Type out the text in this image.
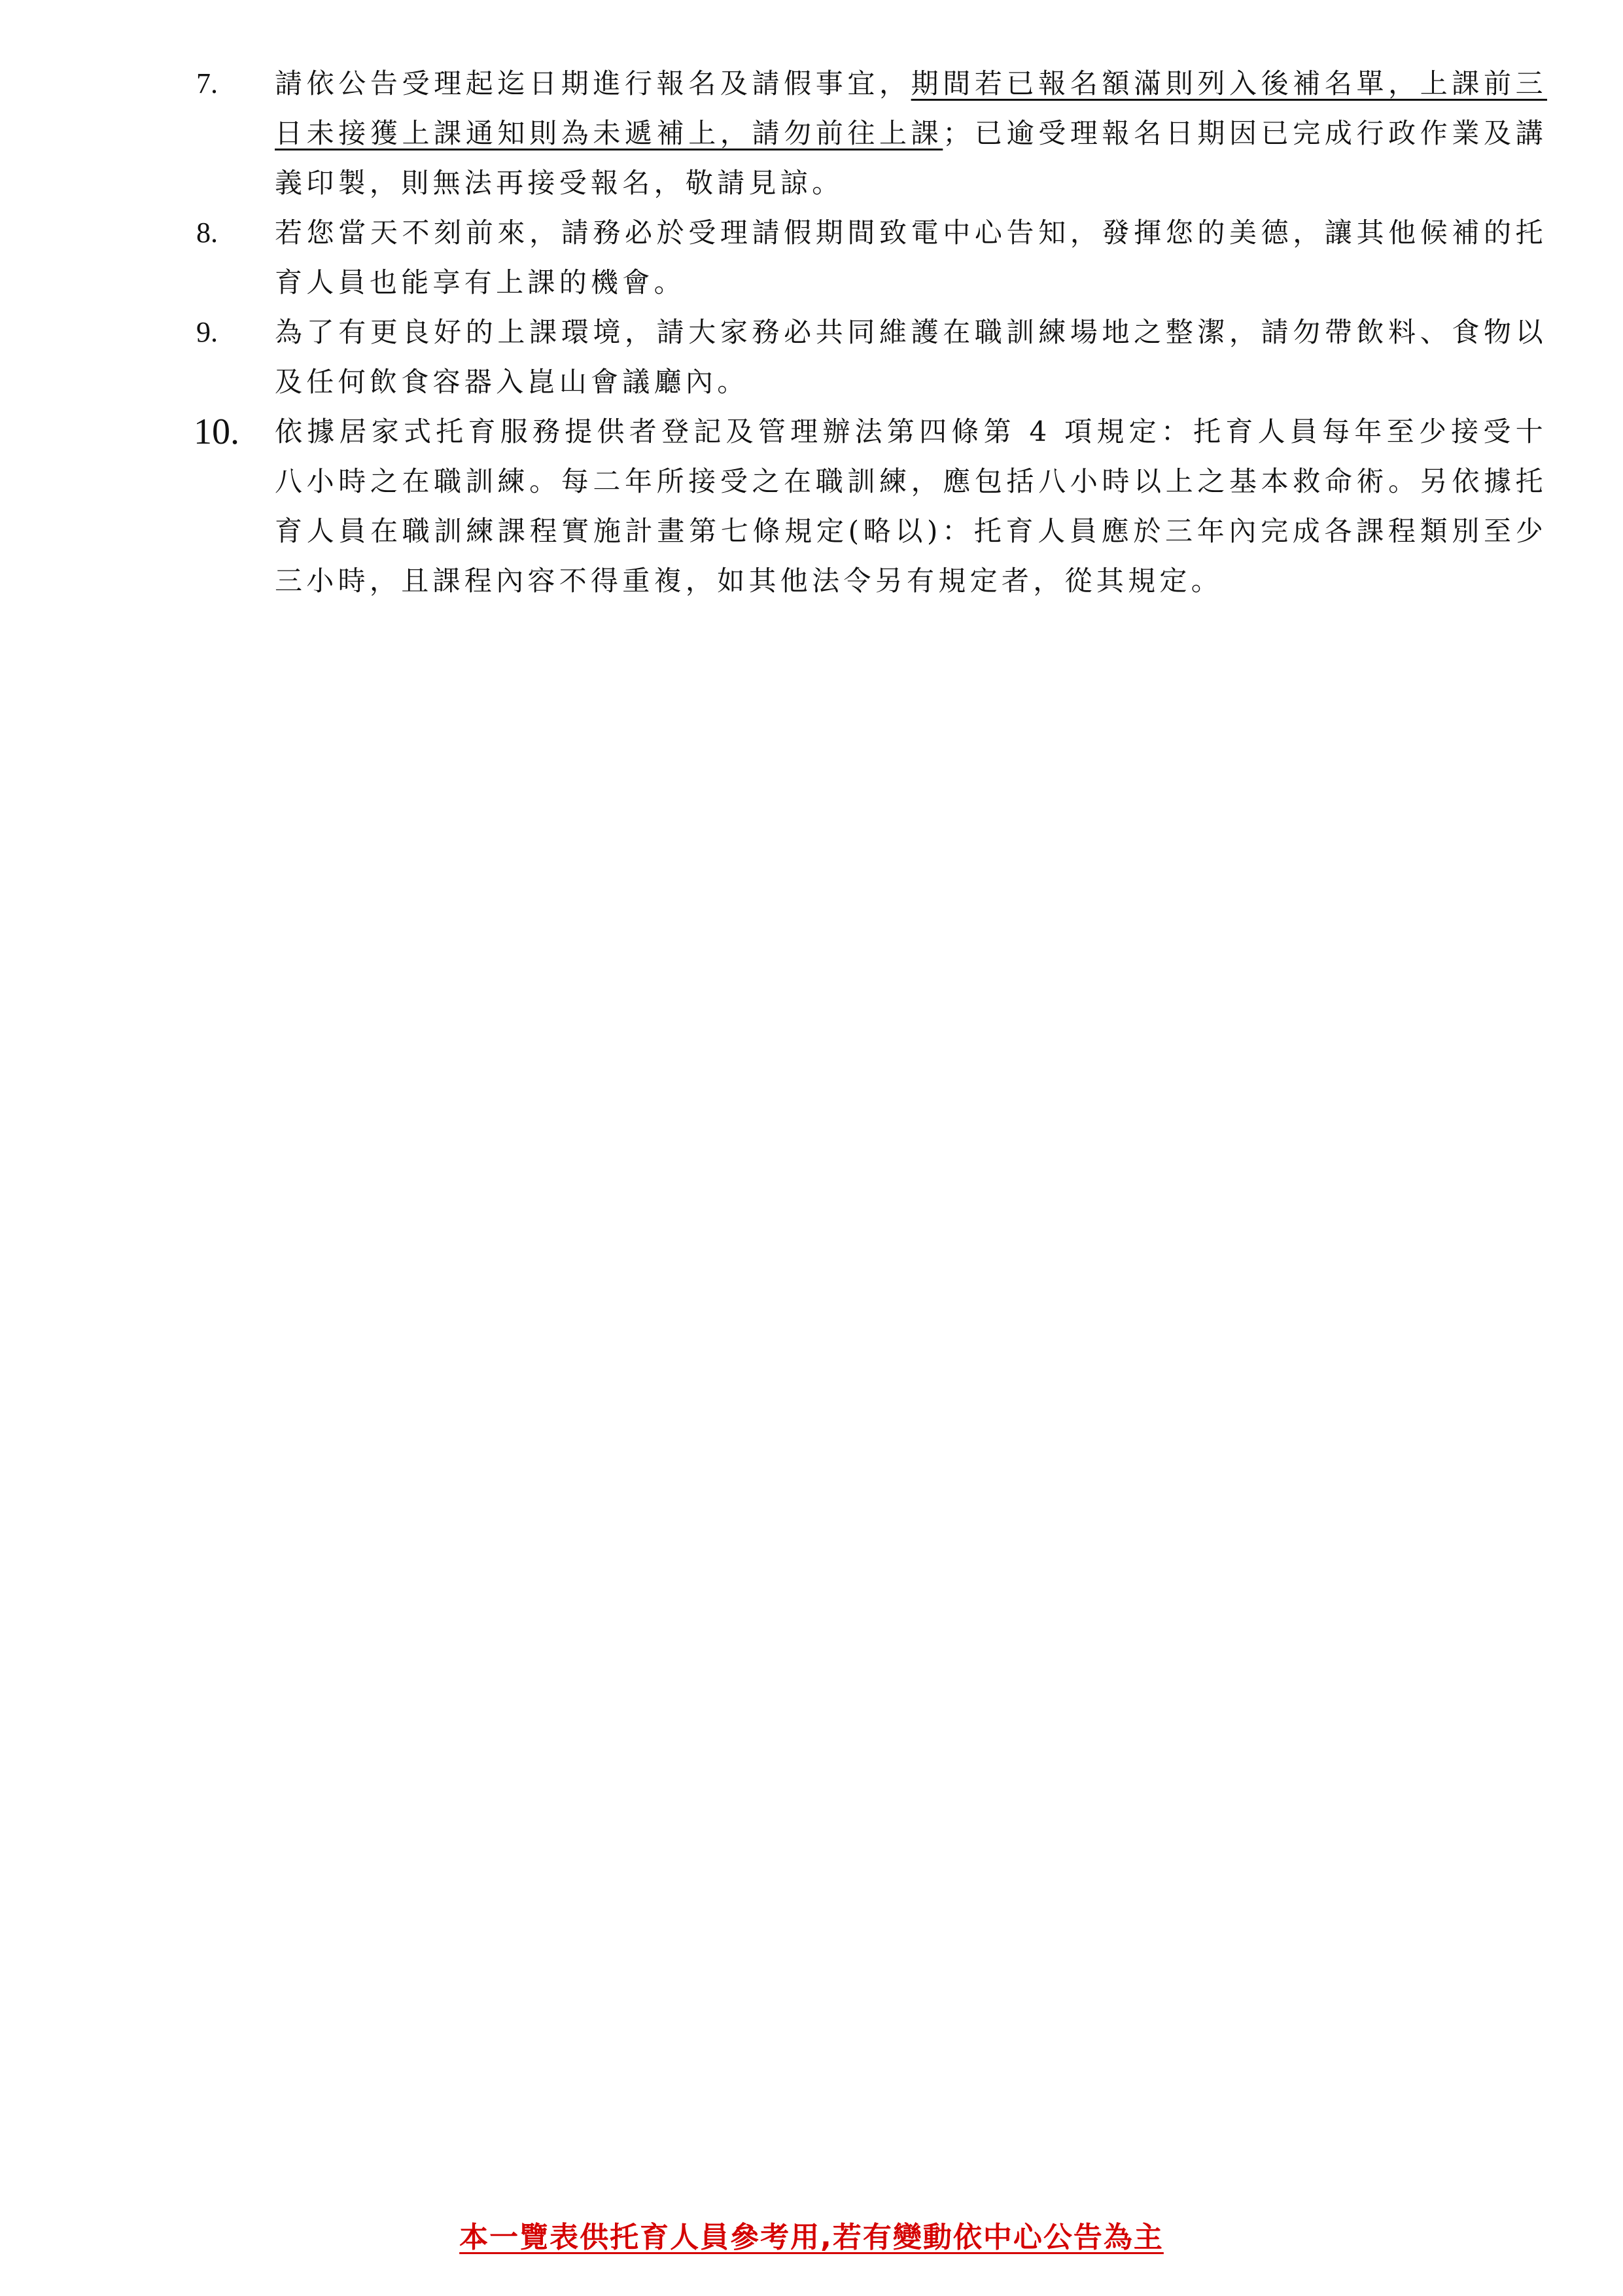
7. 請依公告受理起迄日期進行報名及請假事宜，期間若已報名額滿則列入後補名單，上課前三日未接獲上課通知則為未遞補上，請勿前往上課；已逾受理報名日期因已完成行政作業及講義印製，則無法再接受報名，敬請見諒。
8. 若您當天不刻前來，請務必於受理請假期間致電中心告知，發揮您的美德，讓其他候補的托育人員也能享有上課的機會。
9. 為了有更良好的上課環境，請大家務必共同維護在職訓練場地之整潔，請勿帶飲料、食物以及任何飲食容器入崑山會議廳內。
10. 依據居家式托育服務提供者登記及管理辦法第四條第 4 項規定：托育人員每年至少接受十八小時之在職訓練。每二年所接受之在職訓練，應包括八小時以上之基本救命術。另依據托育人員在職訓練課程實施計畫第七條規定(略以)：托育人員應於三年內完成各課程類別至少三小時，且課程內容不得重複，如其他法令另有規定者，從其規定。
本一覽表供托育人員參考用,若有變動依中心公告為主
